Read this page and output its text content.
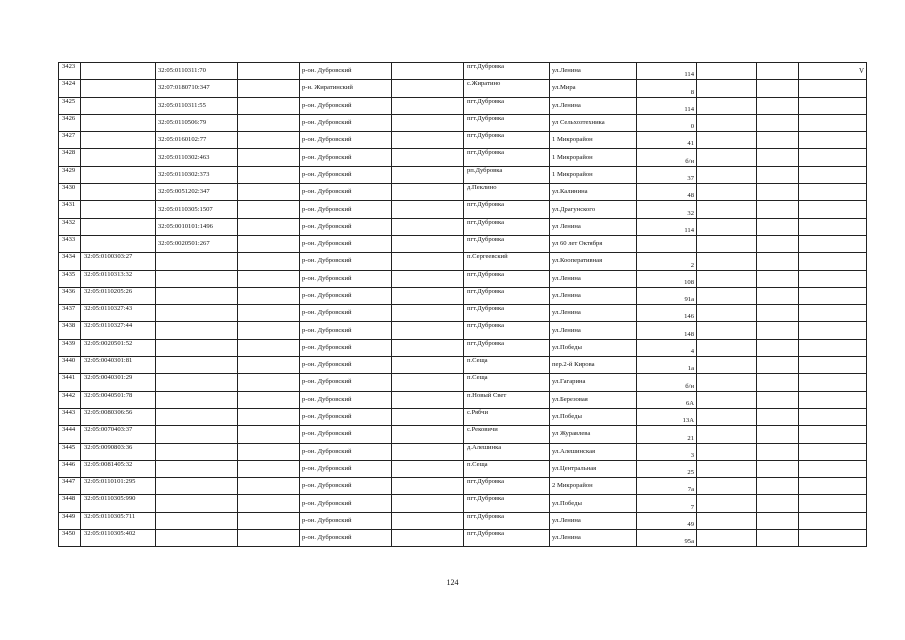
3423		32:05:0110311:70		р-он. Дубровский		пгт.Дубровка	ул.Ленина	114			V
3424		32:07:0180710:347		р-н. Жиратинский		с.Жиратино	ул.Мира	8			
3425		32:05:0110311:55		р-он. Дубровский		пгт.Дубровка	ул.Ленина	114			
3426		32:05:0110506:79		р-он. Дубровский		пгт.Дубровка	ул Сельхозтехника	0			
3427		32:05:0160102:77		р-он. Дубровский		пгт.Дубровка	1 Микрорайон	41			
3428		32:05:0110302:463		р-он. Дубровский		пгт.Дубровка	1 Микрорайон	б/н			
3429		32:05:0110302:373		р-он. Дубровский		рп.Дубровка	1 Микрорайон	37			
3430		32:05:0051202:347		р-он. Дубровский		д.Пеклино	ул.Калинина	48			
3431		32:05:0110305:1507		р-он. Дубровский		пгт.Дубровка	ул.Драгунского	32			
3432		32:05:0010101:1496		р-он. Дубровский		пгт.Дубровка	ул Ленина	114			
3433		32:05:0020501:267		р-он. Дубровский		пгт.Дубровка	ул 60 лет Октября				
3434	32:05:0100303:27			р-он. Дубровский		п.Сергеевский	ул.Кооперативная	2			
3435	32:05:0110313:32			р-он. Дубровский		пгт.Дубровка	ул.Ленина	108			
3436	32:05:0110205:26			р-он. Дубровский		пгт.Дубровка	ул.Ленина	91а			
3437	32:05:0110327:43			р-он. Дубровский		пгт.Дубровка	ул.Ленина	146			
3438	32:05:0110327:44			р-он. Дубровский		пгт.Дубровка	ул.Ленина	148			
3439	32:05:0020501:52			р-он. Дубровский		пгт.Дубровка	ул.Победы	4			
3440	32:05:0040301:81			р-он. Дубровский		п.Сеща	пер.2-й Кирова	1а			
3441	32:05:0040301:29			р-он. Дубровский		п.Сеща	ул.Гагарина	б/н			
3442	32:05:0040501:78			р-он. Дубровский		п.Новый Свет	ул.Березовая	6А			
3443	32:05:0080306:56			р-он. Дубровский		с.Рябчи	ул.Победы	13А			
3444	32:05:0070403:37			р-он. Дубровский		с.Рековичи	ул Журавлева	21			
3445	32:05:0090803:36			р-он. Дубровский		д.Алешинка	ул.Алешинская	3			
3446	32:05:0081405:32			р-он. Дубровский		п.Сеща	ул.Центральная	25			
3447	32:05:0110101:295			р-он. Дубровский		пгт.Дубровка	2 Микрорайон	7а			
3448	32:05:0110305:990			р-он. Дубровский		пгт.Дубровка	ул.Победы	7			
3449	32:05:0110305:711			р-он. Дубровский		пгт.Дубровка	ул.Ленина	49			
3450	32:05:0110305:402			р-он. Дубровский		пгт.Дубровка	ул.Ленина	95а			
124
